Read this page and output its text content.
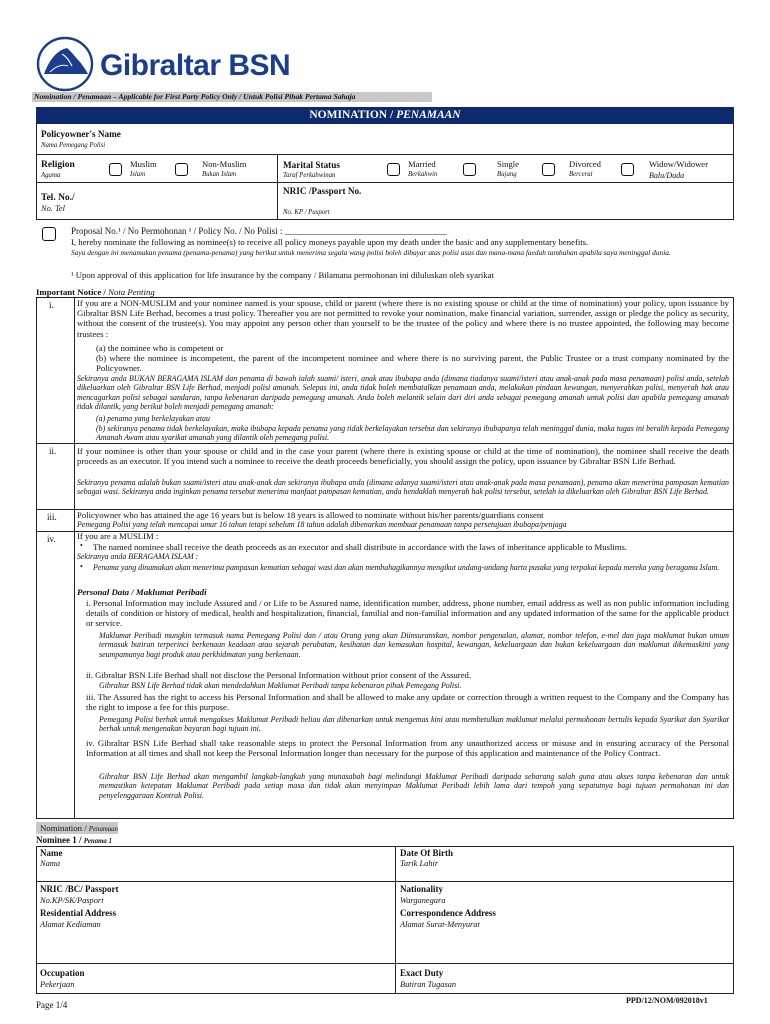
Gibraltar BSN
Nomination / Penamaan – Applicable for First Party Policy Only / Untuk Polisi Pihak Pertama Sahaja
NOMINATION / PENAMAAN
Policyowner's Name
Nama Pemegang Polisi
Religion
Agama
Muslim
Islam
Non-Muslim
Bukan Islam
Marital Status
Taraf Perkahwinan
Married
Berkahwin
Single
Bujang
Divorced
Bercerai
Widow/Widower
Balu/Duda
Tel. No./
No. Tel
NRIC /Passport No.
No. KP / Pasport
Proposal No.¹ / No Permohonan ¹ / Policy No. / No Polisi : ____________________________________
I, hereby nominate the following as nominee(s) to receive all policy moneys payable upon my death under the basic and any supplementary benefits.
Saya dengan ini menamakan penama (penama-penama) yang berikut untuk menerima segala wang polisi boleh dibayar atas polisi asas dan mana-mana faedah tambahan apabila saya meninggal dunia.
¹ Upon approval of this application for life insurance by the company / Bilamana permohonan ini diluluskan oleh syarikat
Important Notice / Nota Penting
i.
ii.
iii.
iv.
If you are a NON-MUSLIM and your nominee named is your spouse, child or parent (where there is no existing spouse or child at the time of nomination) your policy, upon issuance by Gibraltar BSN Life Berhad, becomes a trust policy. Thereafter you are not permitted to revoke your nomination, make financial variation, surrender, assign or pledge the policy as security, without the consent of the trustee(s). You may appoint any person other than yourself to be the trustee of the policy and where there is no trustee appointed, the following may become trustees :
(a) the nominee who is competent or
(b) where the nominee is incompetent, the parent of the incompetent nominee and where there is no surviving parent, the Public Trustee or a trust company nominated by the Policyowner.
Sekiranya anda BUKAN BERAGAMA ISLAM dan penama di bawah ialah suami/ isteri, anak atau ibubapa anda (dimana tiadanya suami/isteri atau anak-anak pada masa penamaan) polisi anda, setelah dikeluarkan oleh Gibraltar BSN Life Berhad, menjadi polisi amanah. Selepas ini, anda tidak boleh membatalkan penamaan anda, melakukan pindaan kewangan, menyerahkan polisi, menyerah hak atau mencagarkan polisi sebagai sandaran, tanpa kebenaran daripada pemegang amanah. Anda boleh melantik selain dari diri anda sebagai pemegang amanah untuk polisi dan apabila pemegang amanah tidak dilantik, yang berikut boleh menjadi pemegang amanah:
(a) penama yang berkelayakan atau
(b) sekiranya penama tidak berkelayakan, maka ibubapa kepada penama yang tidak berkelayakan tersebut dan sekiranya ibubapanya telah meninggal dunia, maka tugas ini beralih kepada Pemegang Amanah Awam atau syarikat amanah yang dilantik oleh pemegang polisi.
If your nominee is other than your spouse or child and in the case your parent (where there is existing spouse or child at the time of nomination), the nominee shall receive the death proceeds as an executor. If you intend such a nominee to receive the death proceeds beneficially, you should assign the policy, upon issuance by Gibraltar BSN Life Berhad.
Sekiranya penama adalah bukan suami/isteri atau anak-anak dan sekiranya ibubapa anda (dimana adanya suami/isteri atau anak-anak pada masa penamaan), penama akan menerima pampasan kematian sebagai wasi. Sekiranya anda inginkan penama tersebut menerima manfaat pampasan kematian, anda hendaklah menyerah hak polisi tersebut, setelah ia dikeluarkan oleh Gibraltar BSN Life Berhad.
Policyowner who has attained the age 16 years but is below 18 years is allowed to nominate without his/her parents/guardians consent
Pemegang Polisi yang telah mencapai umur 16 tahun tetapi sebelum 18 tahun adalah dibenarkan membuat penamaan tanpa persetujuan ibubapa/penjaga
If you are a MUSLIM :
• The named nominee shall receive the death proceeds as an executor and shall distribute in accordance with the laws of inheritance applicable to Muslims.
Sekiranya anda BERAGAMA ISLAM :
• Penama yang dinamakan akan menerima pampasan kematian sebagai wasi dan akan membahagikannya mengikut undang-undang harta pusaka yang terpakai kepada mereka yang beragama Islam.
Personal Data / Maklumat Peribadi
i. Personal Information may include Assured and / or Life to be Assured name, identification number, address, phone number, email address as well as non public information including details of condition or history of medical, health and hospitalization, financial, familial and non-familial information and any updated information of the same for the applicable product or service.
Maklumat Peribadi mungkin termasuk nama Pemegang Polisi dan / atau Orang yang akan Diinsuranskan, nombor pengenalan, alamat, nombor telefon, e-mel dan juga maklumat bukan umum termasuk butiran terperinci berkenaan keadaan atau sejarah perubatan, kesihatan dan kemasukan hospital, kewangan, kekeluargaan dan bukan kekeluargaan dan maklumat dikemaskini yang seumpamanya bagi produk atau perkhidmatan yang berkenaan.
ii. Gibraltar BSN Life Berhad shall not disclose the Personal Information without prior consent of the Assured.
Gibraltar BSN Life Berhad tidak akan mendedahkan Maklumat Peribadi tanpa kebenaran pihak Pemegang Polisi.
iii. The Assured has the right to access his Personal Information and shall be allowed to make any update or correction through a written request to the Company and the Company has the right to impose a fee for this purpose.
Pemegang Polisi berhak untuk mengakses Maklumat Peribadi beliau dan dibenarkan untuk mengemas kini atau membetulkan maklumat melalui permohonan bertulis kepada Syarikat dan Syarikat berhak untuk mengenakan bayaran bagi tujuan ini.
iv. Gibraltar BSN Life Berhad shall take reasonable steps to protect the Personal Information from any unauthorized access or misuse and in ensuring accuracy of the Personal Information at all times and shall not keep the Personal Information longer than necessary for the purpose of this application and maintenance of the Policy Contract.
Gibraltar BSN Life Berhad akan mengambil langkah-langkah yang munasabah bagi melindungi Maklumat Peribadi daripada sebarang salah guna atau akses tanpa kebenaran dan untuk memastikan ketepatan Maklumat Peribadi pada setiap masa dan tidak akan menyimpan Maklumat Peribadi lebih lama dari tempoh yang sepatutnya bagi tujuan permohonan ini dan penyelenggaraan Kontrak Polisi.
Nomination / Penamaan
Nominee 1 / Penama 1
Name
Nama
Date Of Birth
Tarik Lahir
NRIC /BC/ Passport
No.KP/SK/Pasport
Nationality
Warganegara
Residential Address
Alamat Kediaman
Correspondence Address
Alamat Surat-Menyurat
Occupation
Pekerjaan
Exact Duty
Butiran Tugasan
Page 1/4	PPD/12/NOM/092018v1
